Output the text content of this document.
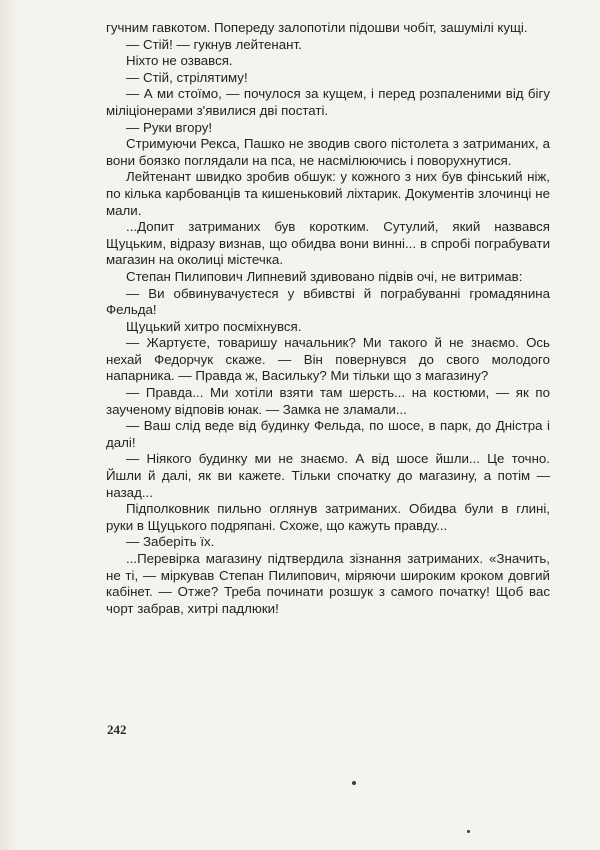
гучним гавкотом. Попереду залопотіли підошви чобіт, зашумілі кущі.

— Стій! — гукнув лейтенант.

Ніхто не озвався.

— Стій, стрілятиму!

— А ми стоїмо, — почулося за кущем, і перед розпаленими від бігу міліціонерами з'явилися дві постаті.

— Руки вгору!

Стримуючи Рекса, Пашко не зводив свого пістолета з затриманих, а вони боязко поглядали на пса, не насмілюючись і поворухнутися.

Лейтенант швидко зробив обшук: у кожного з них був фінський ніж, по кілька карбованців та кишеньковий ліхтарик. Документів злочинці не мали.

...Допит затриманих був коротким. Сутулий, який назвався Щуцьким, відразу визнав, що обидва вони винні... в спробі пограбувати магазин на околиці містечка.

Степан Пилипович Липневий здивовано підвів очі, не витримав:

— Ви обвинувачуєтеся у вбивстві й пограбуванні громадянина Фельда!

Щуцький хитро посміхнувся.

— Жартуєте, товаришу начальник? Ми такого й не знаємо. Ось нехай Федорчук скаже. — Він повернувся до свого молодого напарника. — Правда ж, Васильку? Ми тільки що з магазину?

— Правда... Ми хотіли взяти там шерсть... на костюми, — як по заученому відповів юнак. — Замка не зламали...

— Ваш слід веде від будинку Фельда, по шосе, в парк, до Дністра і далі!

— Ніякого будинку ми не знаємо. А від шосе йшли... Це точно. Йшли й далі, як ви кажете. Тільки спочатку до магазину, а потім — назад...

Підполковник пильно оглянув затриманих. Обидва були в глині, руки в Щуцького подряпані. Схоже, що кажуть правду...

— Заберіть їх.

...Перевірка магазину підтвердила зізнання затриманих. «Значить, не ті, — міркував Степан Пилипович, міряючи широким кроком довгий кабінет. — Отже? Треба починати розшук з самого початку! Щоб вас чорт забрав, хитрі падлюки!

242
